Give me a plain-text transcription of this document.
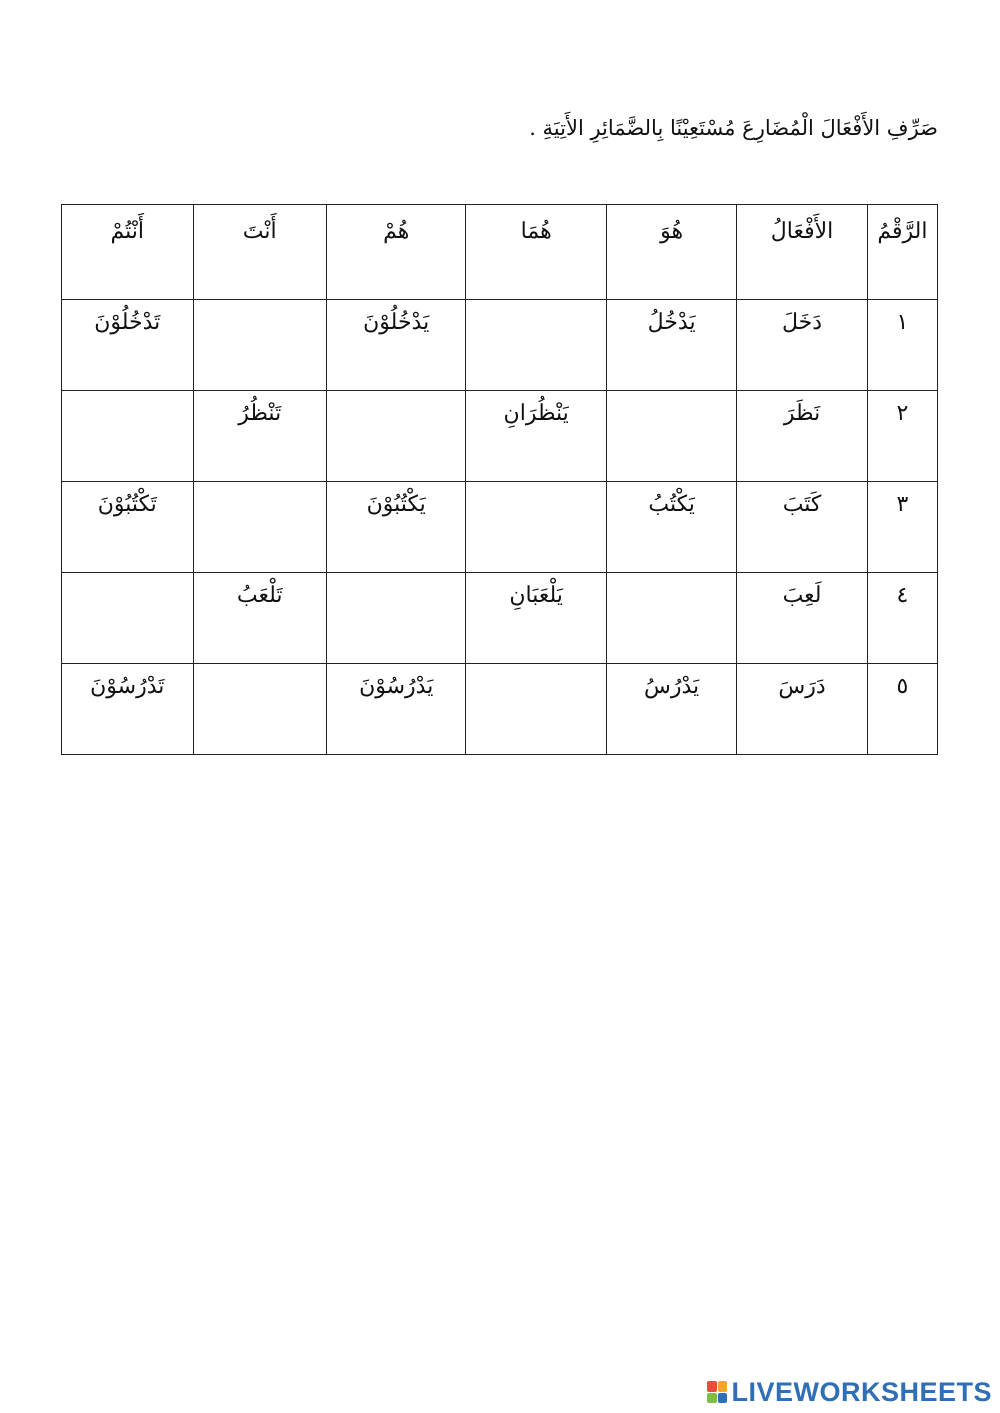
صَرِّفِ الأَفْعَالَ الْمُضَارِعَ مُسْتَعِيْنًا بِالضَّمَائِرِ الأَتِيَةِ .
الرَّقْمُ	الأَفْعَالُ	هُوَ	هُمَا	هُمْ	أَنْتَ	أَنْتُمْ
١	دَخَلَ	يَدْخُلُ		يَدْخُلُوْنَ		تَدْخُلُوْنَ
٢	نَظَرَ		يَنْظُرَانِ		تَنْظُرُ	
٣	كَتَبَ	يَكْتُبُ		يَكْتُبُوْنَ		تَكْتُبُوْنَ
٤	لَعِبَ		يَلْعَبَانِ		تَلْعَبُ	
٥	دَرَسَ	يَدْرُسُ		يَدْرُسُوْنَ		تَدْرُسُوْنَ
LIVEWORKSHEETS
